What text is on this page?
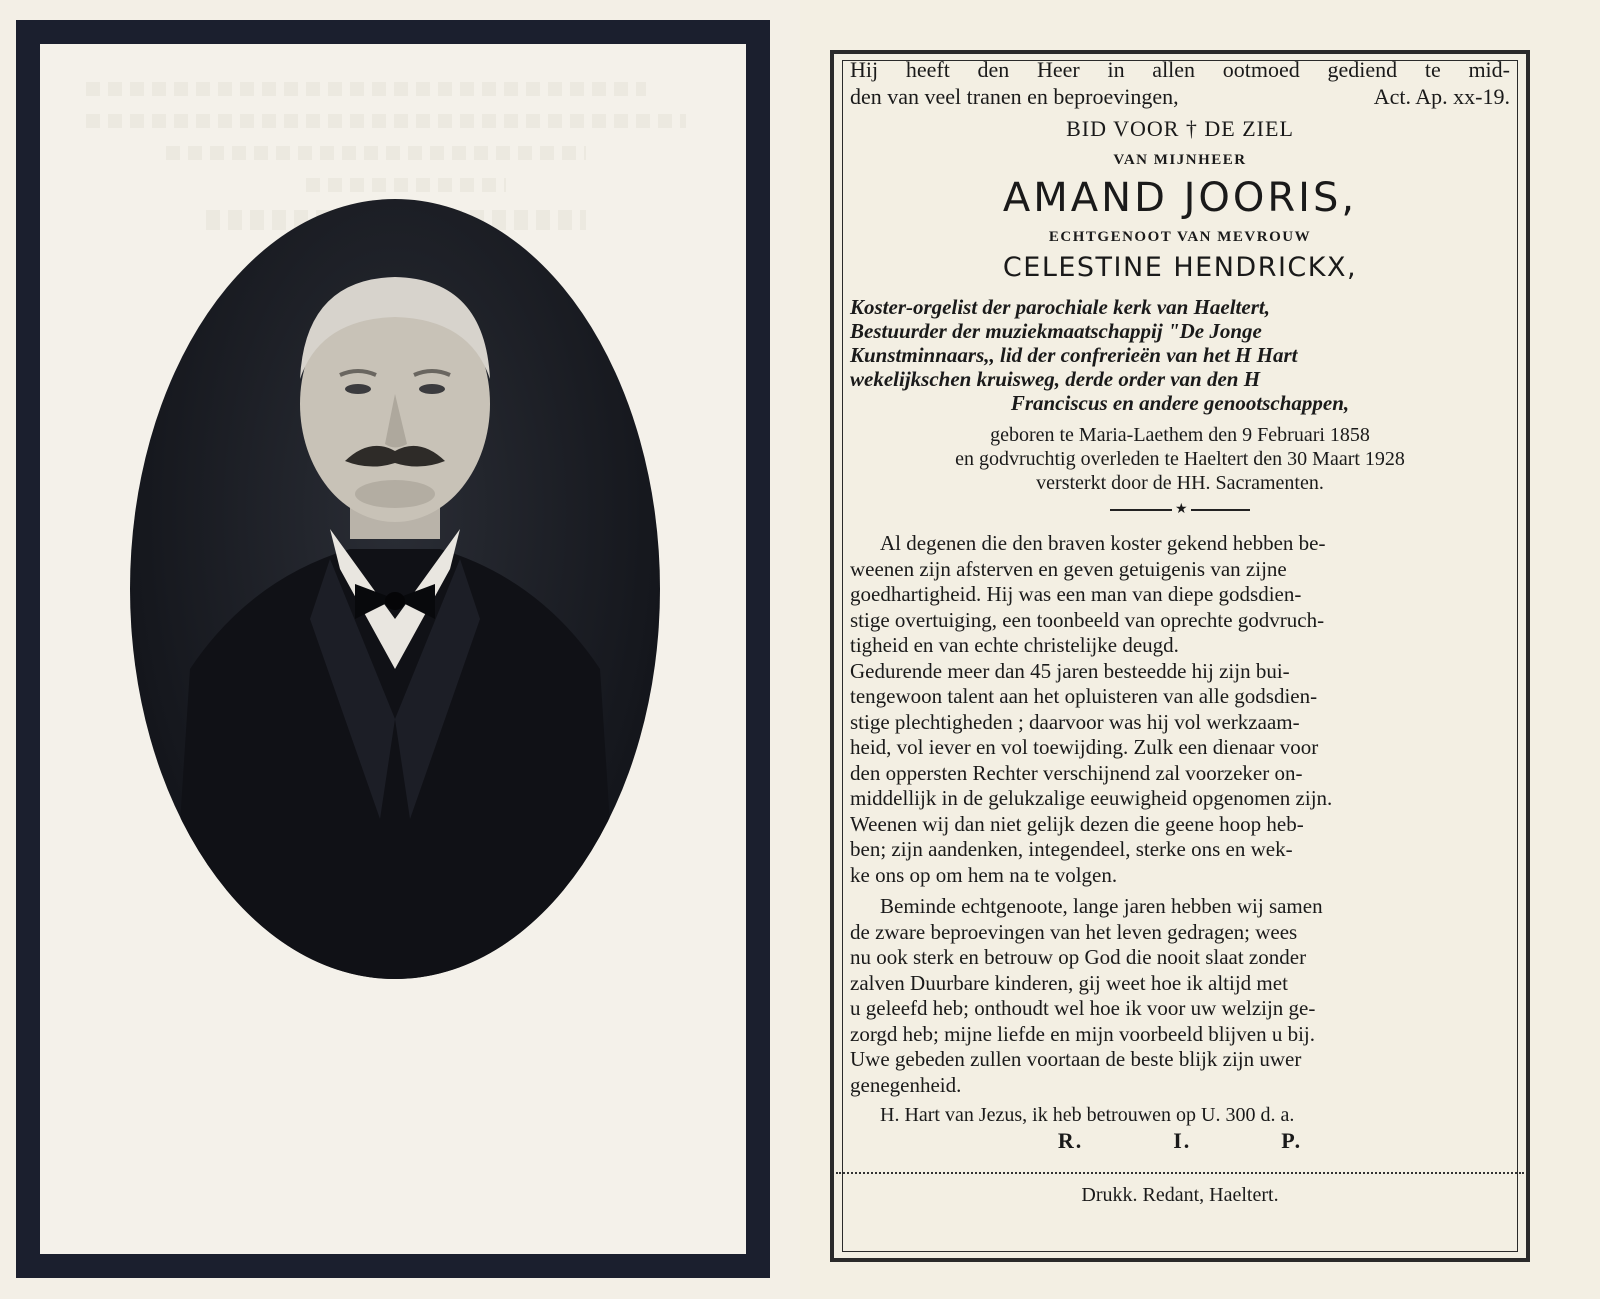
Hij heeft den Heer in allen ootmoed gediend te mid-

den van veel tranen en beproevingen,	Act. Ap. xx-19.

BID VOOR † DE ZIEL

VAN MIJNHEER

AMAND JOORIS,

ECHTGENOOT VAN MEVROUW

CELESTINE HENDRICKX,

Koster-orgelist der parochiale kerk van Haeltert,

Bestuurder der muziekmaatschappij "De Jonge

Kunstminnaars,, lid der confrerieën van het H Hart

wekelijkschen kruisweg, derde order van den H

Franciscus en andere genootschappen,

geboren te Maria-Laethem den 9 Februari 1858

en godvruchtig overleden te Haeltert den 30 Maart 1928

versterkt door de HH. Sacramenten.

★

Al degenen die den braven koster gekend hebben be-

weenen zijn afsterven en geven getuigenis van zijne

goedhartigheid. Hij was een man van diepe godsdien-

stige overtuiging, een toonbeeld van oprechte godvruch-

tigheid en van echte christelijke deugd.

Gedurende meer dan 45 jaren besteedde hij zijn bui-

tengewoon talent aan het opluisteren van alle godsdien-

stige plechtigheden ; daarvoor was hij vol werkzaam-

heid, vol iever en vol toewijding. Zulk een dienaar voor

den oppersten Rechter verschijnend zal voorzeker on-

middellijk in de gelukzalige eeuwigheid opgenomen zijn.

Weenen wij dan niet gelijk dezen die geene hoop heb-

ben; zijn aandenken, integendeel, sterke ons en wek-

ke ons op om hem na te volgen.

Beminde echtgenoote, lange jaren hebben wij samen

de zware beproevingen van het leven gedragen; wees

nu ook sterk en betrouw op God die nooit slaat zonder

zalven Duurbare kinderen, gij weet hoe ik altijd met

u geleefd heb; onthoudt wel hoe ik voor uw welzijn ge-

zorgd heb; mijne liefde en mijn voorbeeld blijven u bij.

Uwe gebeden zullen voortaan de beste blijk zijn uwer

genegenheid.

H. Hart van Jezus, ik heb betrouwen op U. 300 d. a.

R.	I.	P.

Drukk. Redant, Haeltert.
